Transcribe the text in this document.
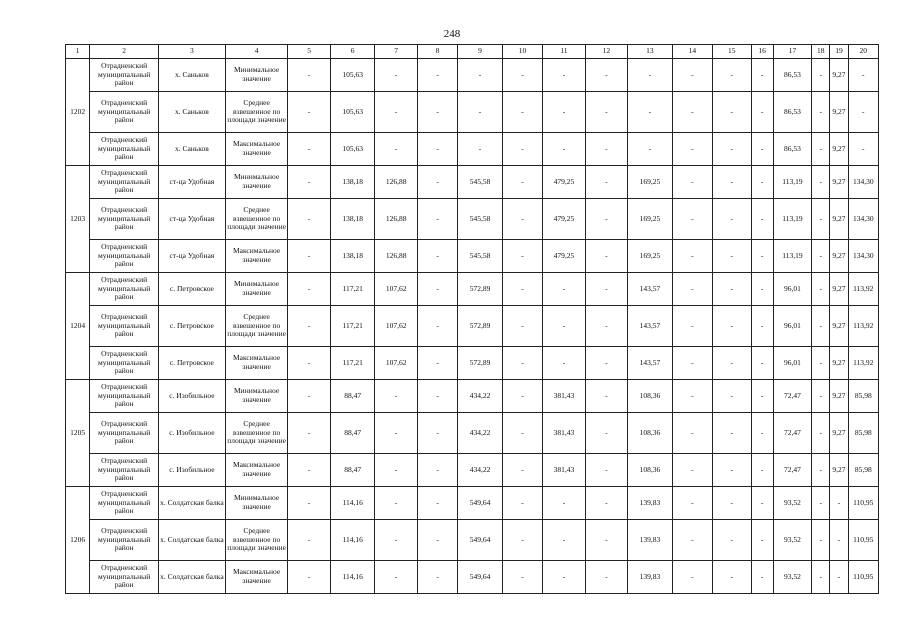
248
1	2	3	4	5	6	7	8	9	10	11	12	13	14	15	16	17	18	19	20
1202	Отрадненский муниципальный район	х. Саньков	Минимальное значение	-	105,63	-	-	-	-	-	-	-	-	-	-	86,53	-	9,27	-
	Отрадненский муниципальный район	х. Саньков	Среднее взвешенное по площади значение	-	105,63	-	-	-	-	-	-	-	-	-	-	86,53	-	9,27	-
	Отрадненский муниципальный район	х. Саньков	Максимальное значение	-	105,63	-	-	-	-	-	-	-	-	-	-	86,53	-	9,27	-
1203	Отрадненский муниципальный район	ст-ца Удобная	Минимальное значение	-	138,18	126,88	-	545,58	-	479,25	-	169,25	-	-	-	113,19	-	9,27	134,30
	Отрадненский муниципальный район	ст-ца Удобная	Среднее взвешенное по площади значение	-	138,18	126,88	-	545,58	-	479,25	-	169,25	-	-	-	113,19	-	9,27	134,30
	Отрадненский муниципальный район	ст-ца Удобная	Максимальное значение	-	138,18	126,88	-	545,58	-	479,25	-	169,25	-	-	-	113,19	-	9,27	134,30
1204	Отрадненский муниципальный район	с. Петровское	Минимальное значение	-	117,21	107,62	-	572,89	-	-	-	143,57	-	-	-	96,01	-	9,27	113,92
	Отрадненский муниципальный район	с. Петровское	Среднее взвешенное по площади значение	-	117,21	107,62	-	572,89	-	-	-	143,57	-	-	-	96,01	-	9,27	113,92
	Отрадненский муниципальный район	с. Петровское	Максимальное значение	-	117,21	107,62	-	572,89	-	-	-	143,57	-	-	-	96,01	-	9,27	113,92
1205	Отрадненский муниципальный район	с. Изобильное	Минимальное значение	-	88,47	-	-	434,22	-	381,43	-	108,36	-	-	-	72,47	-	9,27	85,98
	Отрадненский муниципальный район	с. Изобильное	Среднее взвешенное по площади значение	-	88,47	-	-	434,22	-	381,43	-	108,36	-	-	-	72,47	-	9,27	85,98
	Отрадненский муниципальный район	с. Изобильное	Максимальное значение	-	88,47	-	-	434,22	-	381,43	-	108,36	-	-	-	72,47	-	9,27	85,98
1206	Отрадненский муниципальный район	х. Солдатская балка	Минимальное значение	-	114,16	-	-	549,64	-	-	-	139,83	-	-	-	93,52	-	-	110,95
	Отрадненский муниципальный район	х. Солдатская балка	Среднее взвешенное по площади значение	-	114,16	-	-	549,64	-	-	-	139,83	-	-	-	93,52	-	-	110,95
	Отрадненский муниципальный район	х. Солдатская балка	Максимальное значение	-	114,16	-	-	549,64	-	-	-	139,83	-	-	-	93,52	-	-	110,95
